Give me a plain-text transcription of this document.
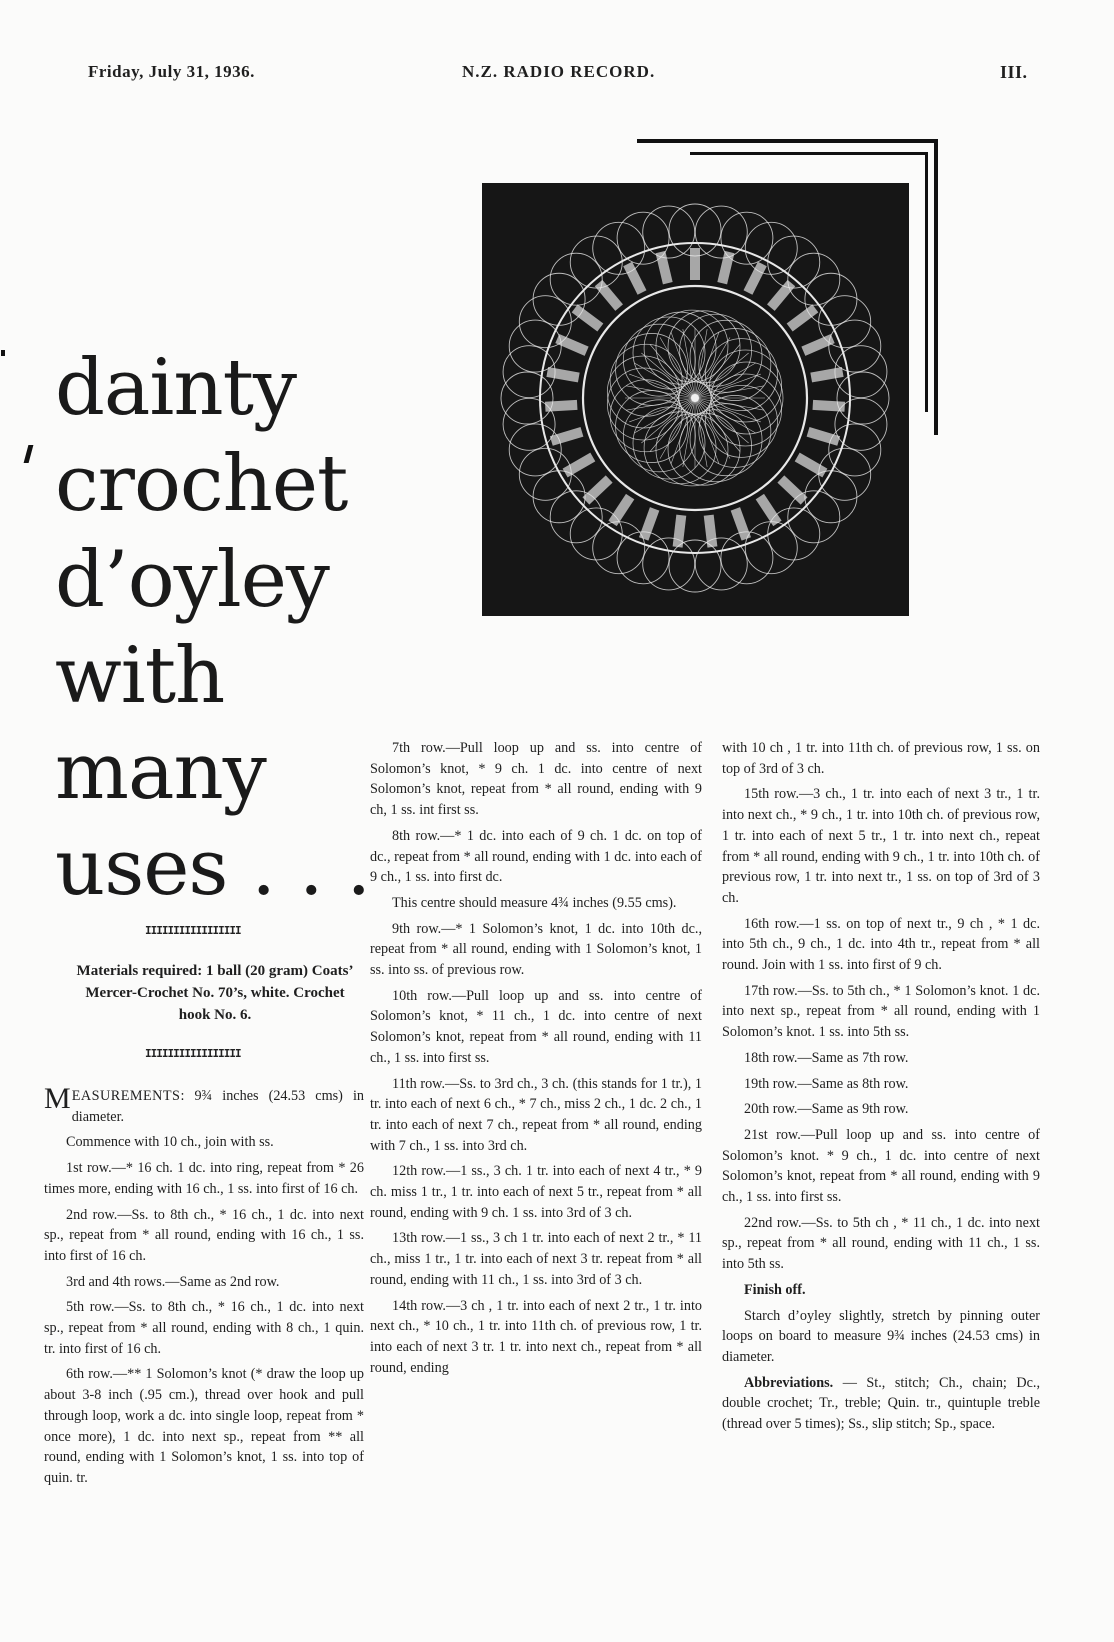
Friday, July 31, 1936.	N.Z. RADIO RECORD.	III.
dainty
crochet
d’oyley
with
many
uses . . .
IIIIIIIIIIIIIIIII
Materials required: 1 ball (20 gram) Coats’ Mercer-Crochet No. 70’s, white. Crochet hook No. 6.
IIIIIIIIIIIIIIIII

MEASUREMENTS: 9¾ inches (24.53 cms) in diameter.

Commence with 10 ch., join with ss.

1st row.—* 16 ch. 1 dc. into ring, repeat from * 26 times more, ending with 16 ch., 1 ss. into first of 16 ch.

2nd row.—Ss. to 8th ch., * 16 ch., 1 dc. into next sp., repeat from * all round, ending with 16 ch., 1 ss. into first of 16 ch.

3rd and 4th rows.—Same as 2nd row.

5th row.—Ss. to 8th ch., * 16 ch., 1 dc. into next sp., repeat from * all round, ending with 8 ch., 1 quin. tr. into first of 16 ch.

6th row.—** 1 Solomon’s knot (* draw the loop up about 3-8 inch (.95 cm.), thread over hook and pull through loop, work a dc. into single loop, repeat from * once more), 1 dc. into next sp., repeat from ** all round, ending with 1 Solomon’s knot, 1 ss. into top of quin. tr.

7th row.—Pull loop up and ss. into centre of Solomon’s knot, * 9 ch. 1 dc. into centre of next Solomon’s knot, repeat from * all round, ending with 9 ch, 1 ss. int first ss.

8th row.—* 1 dc. into each of 9 ch. 1 dc. on top of dc., repeat from * all round, ending with 1 dc. into each of 9 ch., 1 ss. into first dc.

This centre should measure 4¾ inches (9.55 cms).

9th row.—* 1 Solomon’s knot, 1 dc. into 10th dc., repeat from * all round, ending with 1 Solomon’s knot, 1 ss. into ss. of previous row.

10th row.—Pull loop up and ss. into centre of Solomon’s knot, * 11 ch., 1 dc. into centre of next Solomon’s knot, repeat from * all round, ending with 11 ch., 1 ss. into first ss.

11th row.—Ss. to 3rd ch., 3 ch. (this stands for 1 tr.), 1 tr. into each of next 6 ch., * 7 ch., miss 2 ch., 1 dc. 2 ch., 1 tr. into each of next 7 ch., repeat from * all round, ending with 7 ch., 1 ss. into 3rd ch.

12th row.—1 ss., 3 ch. 1 tr. into each of next 4 tr., * 9 ch. miss 1 tr., 1 tr. into each of next 5 tr., repeat from * all round, ending with 9 ch. 1 ss. into 3rd of 3 ch.

13th row.—1 ss., 3 ch 1 tr. into each of next 2 tr., * 11 ch., miss 1 tr., 1 tr. into each of next 3 tr. repeat from * all round, ending with 11 ch., 1 ss. into 3rd of 3 ch.

14th row.—3 ch , 1 tr. into each of next 2 tr., 1 tr. into next ch., * 10 ch., 1 tr. into 11th ch. of previous row, 1 tr. into each of next 3 tr. 1 tr. into next ch., repeat from * all round, ending

with 10 ch , 1 tr. into 11th ch. of previous row, 1 ss. on top of 3rd of 3 ch.

15th row.—3 ch., 1 tr. into each of next 3 tr., 1 tr. into next ch., * 9 ch., 1 tr. into 10th ch. of previous row, 1 tr. into each of next 5 tr., 1 tr. into next ch., repeat from * all round, ending with 9 ch., 1 tr. into 10th ch. of previous row, 1 tr. into next tr., 1 ss. on top of 3rd of 3 ch.

16th row.—1 ss. on top of next tr., 9 ch , * 1 dc. into 5th ch., 9 ch., 1 dc. into 4th tr., repeat from * all round. Join with 1 ss. into first of 9 ch.

17th row.—Ss. to 5th ch., * 1 Solomon’s knot. 1 dc. into next sp., repeat from * all round, ending with 1 Solomon’s knot. 1 ss. into 5th ss.

18th row.—Same as 7th row.

19th row.—Same as 8th row.

20th row.—Same as 9th row.

21st row.—Pull loop up and ss. into centre of Solomon’s knot. * 9 ch., 1 dc. into centre of next Solomon’s knot, repeat from * all round, ending with 9 ch., 1 ss. into first ss.

22nd row.—Ss. to 5th ch , * 11 ch., 1 dc. into next sp., repeat from * all round, ending with 11 ch., 1 ss. into 5th ss.

Finish off.

Starch d’oyley slightly, stretch by pinning outer loops on board to measure 9¾ inches (24.53 cms) in diameter.

Abbreviations. — St., stitch; Ch., chain; Dc., double crochet; Tr., treble; Quin. tr., quintuple treble (thread over 5 times); Ss., slip stitch; Sp., space.
